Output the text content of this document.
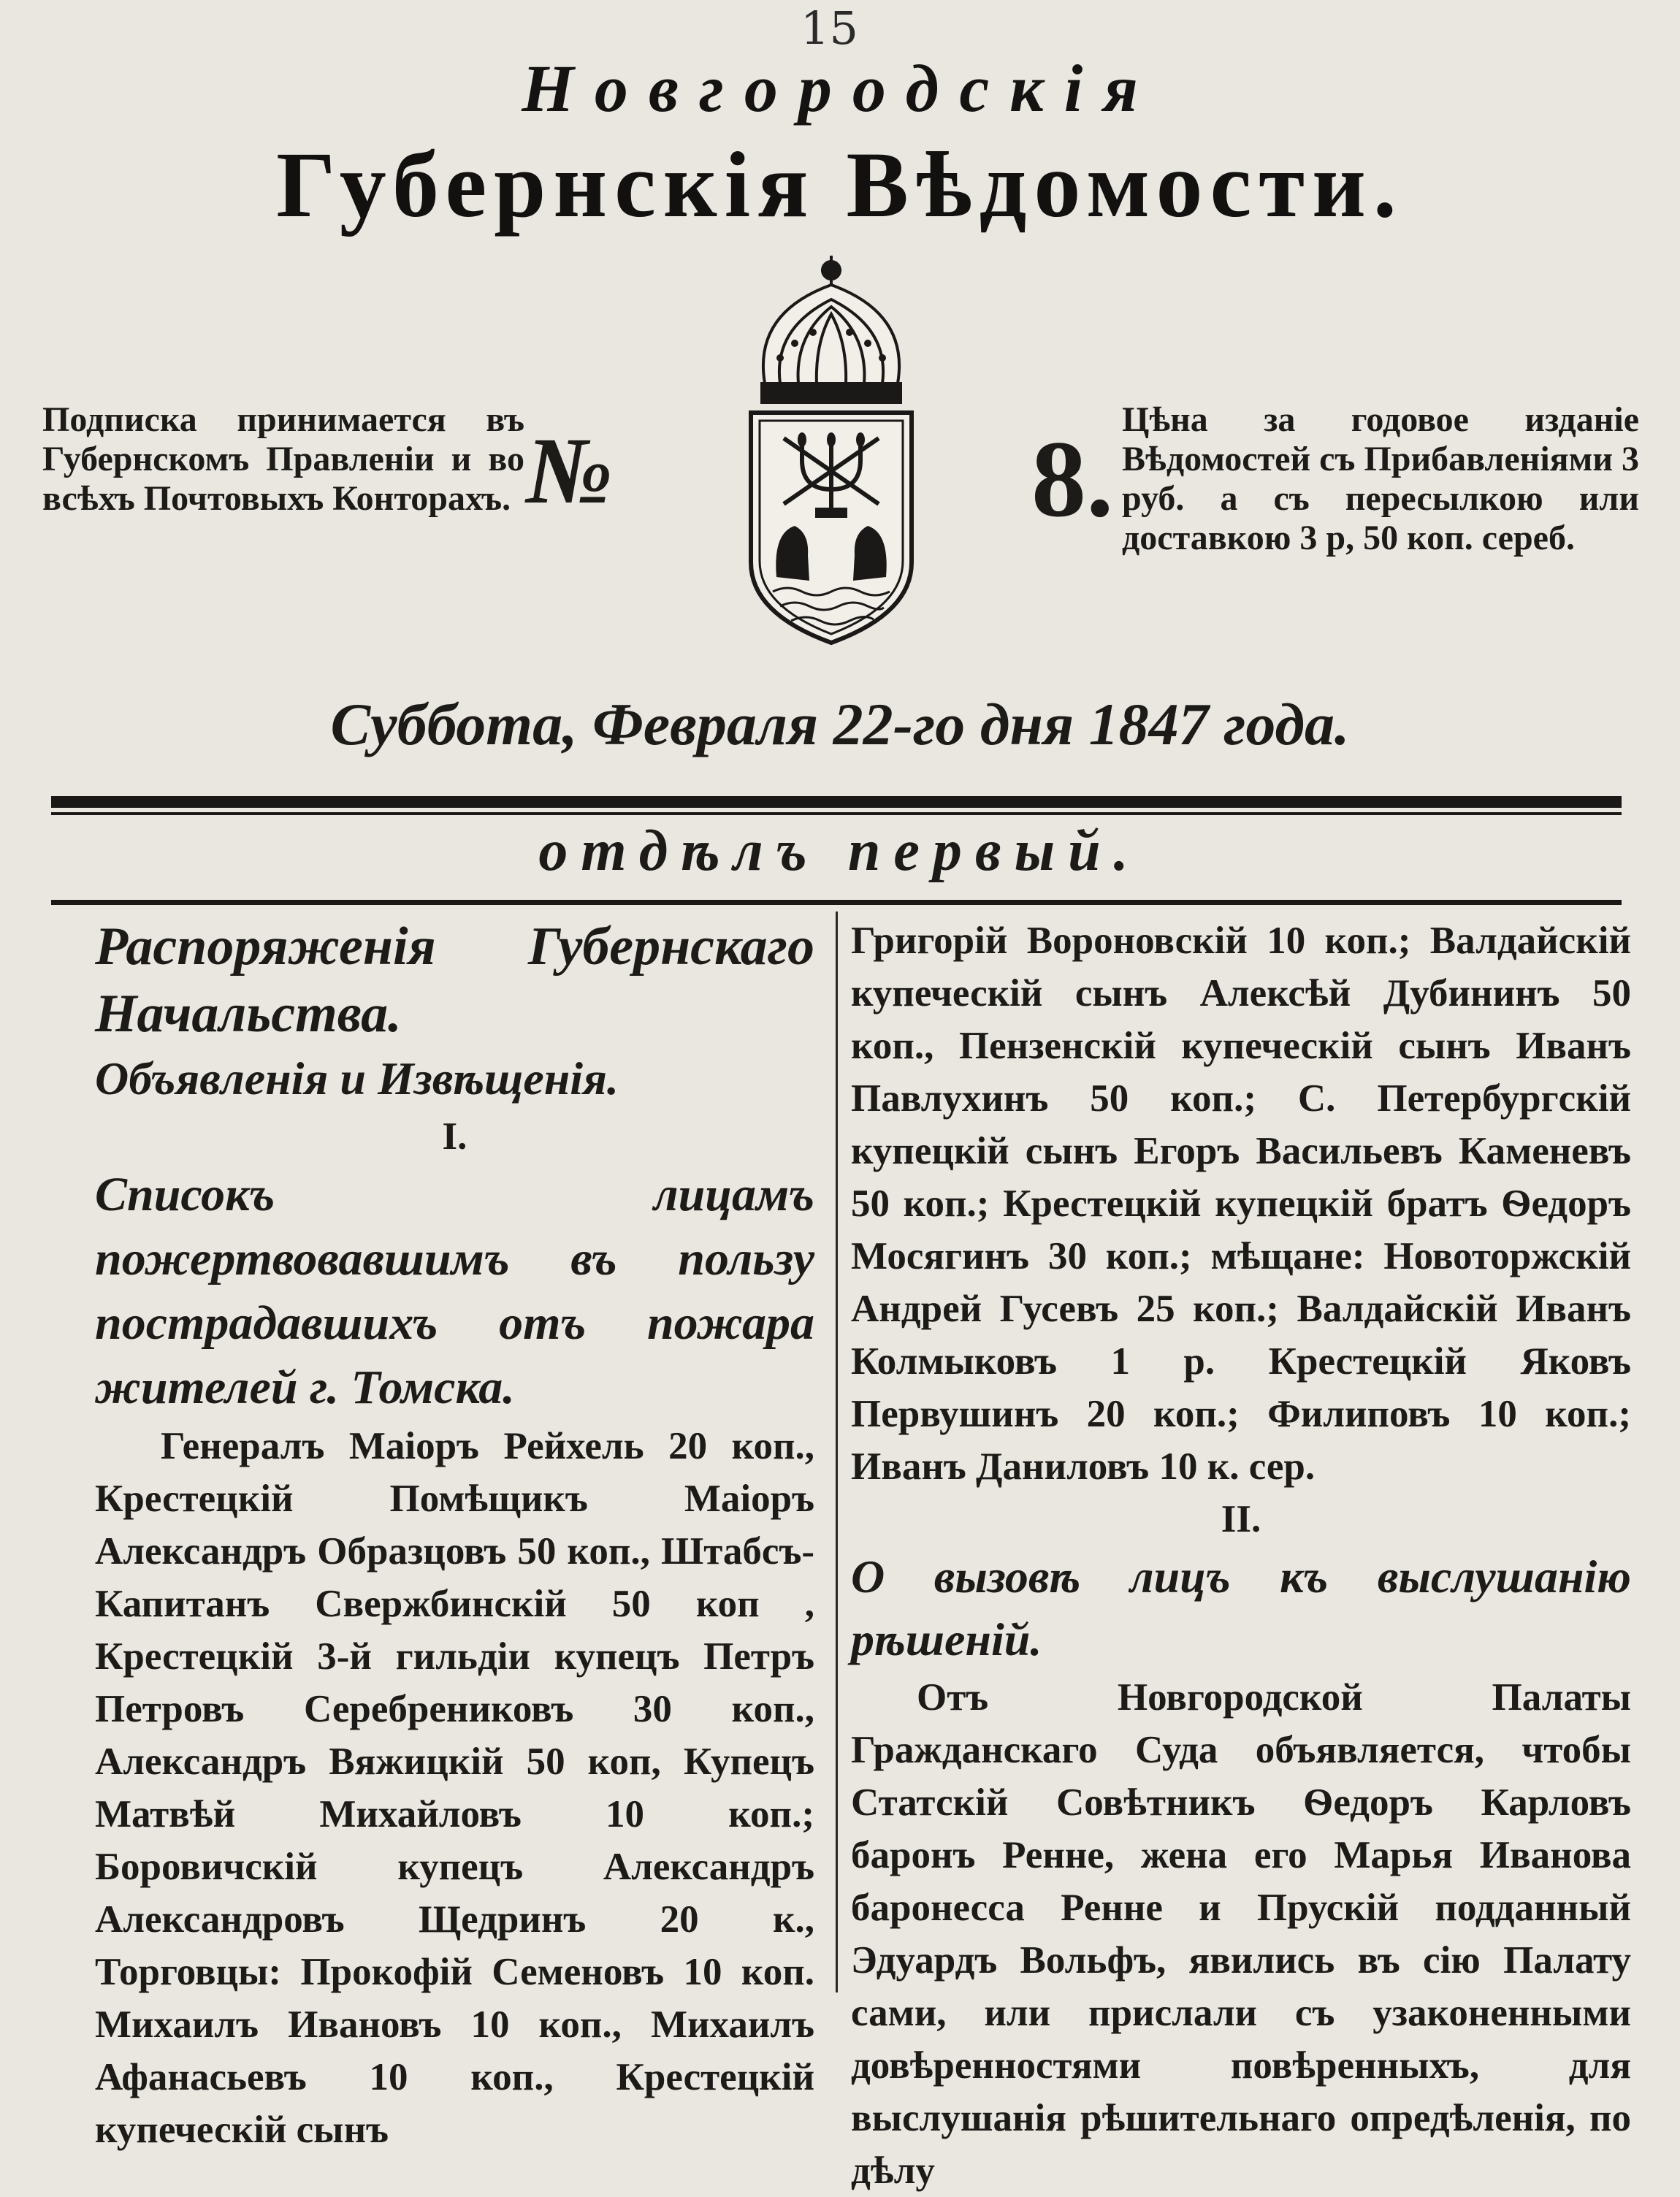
15
Новгородскія
Губернскія Вѣдомости.
Подписка принимается въ Губернскомъ Правленіи и во всѣхъ Почтовыхъ Конторахъ. №	8. Цѣна за годовое изданіе Вѣдомостей съ Прибавленіями 3 руб. а съ пересылкою или доставкою 3 р, 50 коп. сереб.
Суббота, Февраля 22-го дня 1847 года.
отдѣлъ первый.

Распоряженія Губернскаго Начальства.

Объявленія и Извѣщенія.

I.

Списокъ лицамъ пожертвовавшимъ въ пользу пострадавшихъ отъ пожара жителей г. Томска.

Генералъ Маіоръ Рейхель 20 коп., Крестецкій Помѣщикъ Маіоръ Александръ Образцовъ 50 коп., Штабсъ-Капитанъ Свержбинскій 50 коп , Крестецкій 3-й гильдіи купецъ Петръ Петровъ Серебрениковъ 30 коп., Александръ Вяжицкій 50 коп, Купецъ Матвѣй Михайловъ 10 коп.; Боровичскій купецъ Александръ Александровъ Щедринъ 20 к., Торговцы: Прокофій Семеновъ 10 коп. Михаилъ Ивановъ 10 коп., Михаилъ Афанасьевъ 10 коп., Крестецкій купеческій сынъ

Григорій Вороновскій 10 коп.; Валдайскій купеческій сынъ Алексѣй Дубининъ 50 коп., Пензенскій купеческій сынъ Иванъ Павлухинъ 50 коп.; С. Петербургскій купецкій сынъ Егоръ Васильевъ Каменевъ 50 коп.; Крестецкій купецкій братъ Ѳедоръ Мосягинъ 30 коп.; мѣщане: Новоторжскій Андрей Гусевъ 25 коп.; Валдайскій Иванъ Колмыковъ 1 р. Крестецкій Яковъ Первушинъ 20 коп.; Филиповъ 10 коп.; Иванъ Даниловъ 10 к. сер.

II.

О вызовѣ лицъ къ выслушанію рѣшеній.

Отъ Новгородской Палаты Гражданскаго Суда объявляется, чтобы Статскій Совѣтникъ Ѳедоръ Карловъ баронъ Ренне, жена его Марья Иванова баронесса Ренне и Прускій подданный Эдуардъ Вольфъ, явились въ сію Палату сами, или прислали съ узаконенными довѣренностями повѣренныхъ, для выслушанія рѣшительнаго опредѣленія, по дѣлу
